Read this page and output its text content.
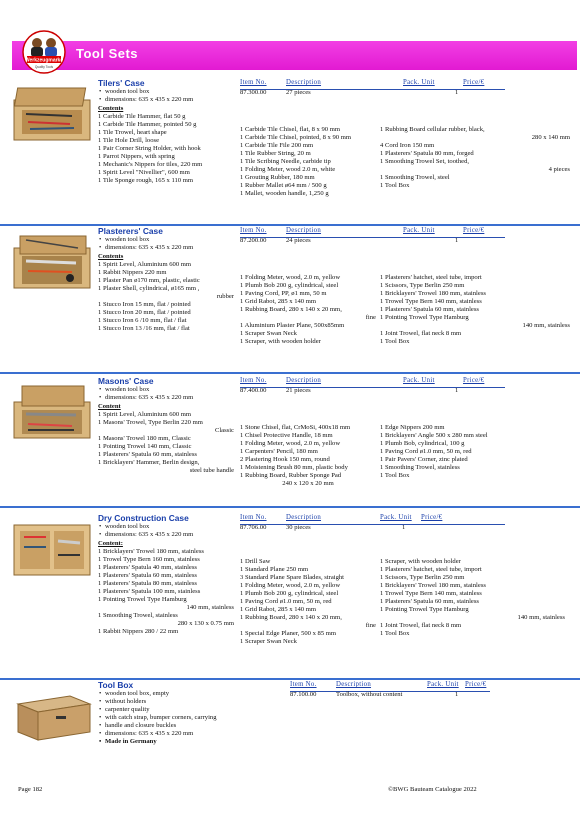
Werkzeugmarke
Quality Tools
Tool Sets
Tilers' Case
• wooden tool box
• dimensions: 635 x 435 x 220 mm
Item No.	Description	Pack. Unit	Price/€
87.300.00	27 pieces	1
Contents
1 Carbide Tile Hammer, flat 50 g
1 Carbide Tile Hammer, pointed 50 g
1 Tile Trowel, heart shape
1 Tile Hole Drill, loose
1 Pair Corner String Holder, with hook
1 Parrot Nippers, with spring
1 Mechanic's Nippers for tiles, 220 mm
1 Spirit Level "Nivellier", 600 mm
1 Tile Sponge rough, 165 x 110 mm
1 Carbide Tile Chisel, flat, 8 x 90 mm
1 Carbide Tile Chisel, pointed, 8 x 90 mm
1 Carbide Tile File 200 mm
1 Tile Rubber String, 20 m
1 Tile Scribing Needle, carbide tip
1 Folding Meter, wood 2.0 m, white
1 Grouting Rubber, 180 mm
1 Rubber Mallet ø64 mm / 500 g
1 Mallet, wooden handle, 1,250 g
1 Rubbing Board cellular rubber, black,
280 x 140 mm
4 Cord Iron 150 mm
1 Plasterers' Spatula 80 mm, forged
1 Smoothing Trowel Set, toothed,
4 pieces
1 Smoothing Trowel, steel
1 Tool Box
Plasterers' Case
• wooden tool box
• dimensions: 635 x 435 x 220 mm
Item No.	Description	Pack. Unit	Price/€
87.200.00	24 pieces	1
Contents
1 Spirit Level, Aluminium 600 mm
1 Rabbit Nippers 220 mm
1 Plaster Pan ø170 mm, plastic, elastic
1 Plaster Shell, cylindrical, ø165 mm ,
rubber
1 Stucco Iron 15 mm, flat / pointed
1 Stucco Iron 20 mm, flat / pointed
1 Stucco Iron 6 /10 mm, flat / flat
1 Stucco Iron 13 /16 mm, flat / flat
1 Folding Meter, wood, 2.0 m, yellow
1 Plumb Bob 200 g, cylindrical, steel
1 Paving Cord, PP, ø1 mm, 50 m
1 Grid Rabot, 285 x 140 mm
1 Rubbing Board, 280 x 140 x 20 mm,
fine
1 Aluminium Plaster Plane, 500x85mm
1 Scraper Swan Neck
1 Scraper, with wooden holder
1 Plasterers' hatchet, steel tube, import
1 Scissors, Type Berlin 250 mm
1 Bricklayers' Trowel 180 mm, stainless
1 Trowel Type Bern 140 mm, stainless
1 Plasterers' Spatula 60 mm, stainless
1 Pointing Trowel Type Hamburg
140 mm, stainless
1 Joint Trowel, flat neck 8 mm
1 Tool Box
Masons' Case
• wooden tool box
• dimensions: 635 x 435 x 220 mm
Item No.	Description	Pack. Unit	Price/€
87.400.00	21 pieces	1
Content
1 Spirit Level, Aluminium 600 mm
1 Masons' Trowel, Type Berlin 220 mm
Classic
1 Masons' Trowel 180 mm, Classic
1 Pointing Trowel 140 mm, Classic
1 Plasterers' Spatula 60 mm, stainless
1 Bricklayers' Hammer, Berlin design,
steel tube handle
1 Stone Chisel, flat, CrMoSi, 400x18 mm
1 Chisel Protective Handle, 18 mm
1 Folding Meter, wood, 2.0 m, yellow
1 Carpenters' Pencil, 180 mm
2 Plastering Hook 150 mm, round
1 Moistening Brush 80 mm, plastic body
1 Rubbing Board, Rubber Sponge Pad
240 x 120 x 20 mm
1 Edge Nippers 200 mm
1 Bricklayers' Angle 500 x 280 mm steel
1 Plumb Bob, cylindrical, 100 g
1 Paving Cord ø1.0 mm, 50 m, red
1 Pair Pavers' Corner, zinc plated
1 Smoothing Trowel, stainless
1 Tool Box
Dry Construction Case
• wooden tool box
• dimensions: 635 x 435 x 220 mm
Item No.	Description	Pack. Unit Price/€
87.706.00	30 pieces	1
Content:
1 Bricklayers' Trowel 180 mm, stainless
1 Trowel Type Bern 160 mm, stainless
1 Plasterers' Spatula 40 mm, stainless
1 Plasterers' Spatula 60 mm, stainless
1 Plasterers' Spatula 80 mm, stainless
1 Plasterers' Spatula 100 mm, stainless
1 Pointing Trowel Type Hamburg
140 mm, stainless
1 Smoothing Trowel, stainless
280 x 130 x 0.75 mm
1 Rabbit Nippers 280 / 22 mm
1 Drill Saw
1 Standard Plane 250 mm
3 Standard Plane Spare Blades, straight
1 Folding Meter, wood, 2.0 m, yellow
1 Plumb Bob 200 g, cylindrical, steel
1 Paving Cord ø1.0 mm, 50 m, red
1 Grid Rabot, 285 x 140 mm
1 Rubbing Board, 280 x 140 x 20 mm,
fine
1 Special Edge Planer, 500 x 85 mm
1 Scraper Swan Neck
1 Scraper, with wooden holder
1 Plasterers' hatchet, steel tube, import
1 Scissors, Type Berlin 250 mm
1 Bricklayers' Trowel 180 mm, stainless
1 Trowel Type Bern 140 mm, stainless
1 Plasterers' Spatula 60 mm, stainless
1 Pointing Trowel Type Hamburg
140 mm, stainless
1 Joint Trowel, flat neck 8 mm
1 Tool Box
Tool Box
• wooden tool box, empty
• without holders
• carpenter quality
• with catch strap, bumper corners, carrying
• handle and closure buckles
• dimensions: 635 x 435 x 220 mm
• Made in Germany
Item No.	Description	Pack. Unit Price/€
87.100.00	Toolbox, without content	1
Page 182	©BWG Bauteam Catalogue 2022
